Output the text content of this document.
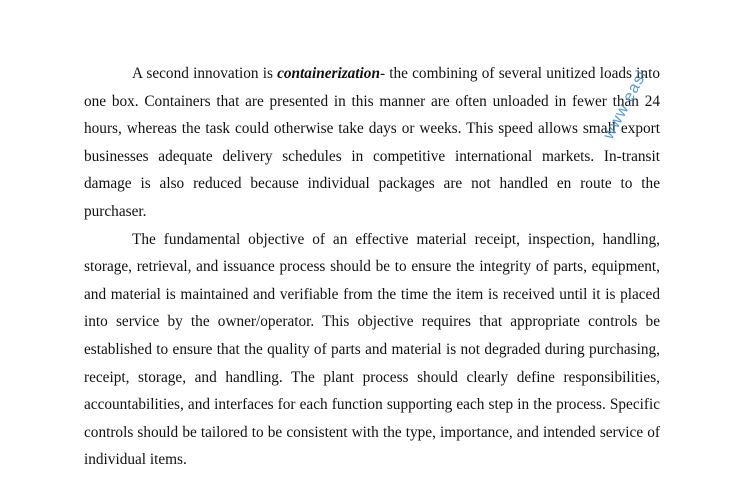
A second innovation is containerization- the combining of several unitized loads into one box. Containers that are presented in this manner are often unloaded in fewer than 24 hours, whereas the task could otherwise take days or weeks. This speed allows small export businesses adequate delivery schedules in competitive international markets. In-transit damage is also reduced because individual packages are not handled en route to the purchaser.

The fundamental objective of an effective material receipt, inspection, handling, storage, retrieval, and issuance process should be to ensure the integrity of parts, equipment, and material is maintained and verifiable from the time the item is received until it is placed into service by the owner/operator. This objective requires that appropriate controls be established to ensure that the quality of parts and material is not degraded during purchasing, receipt, storage, and handling. The plant process should clearly define responsibilities, accountabilities, and interfaces for each function supporting each step in the process. Specific controls should be tailored to be consistent with the type, importance, and intended service of individual items.

www.easi
